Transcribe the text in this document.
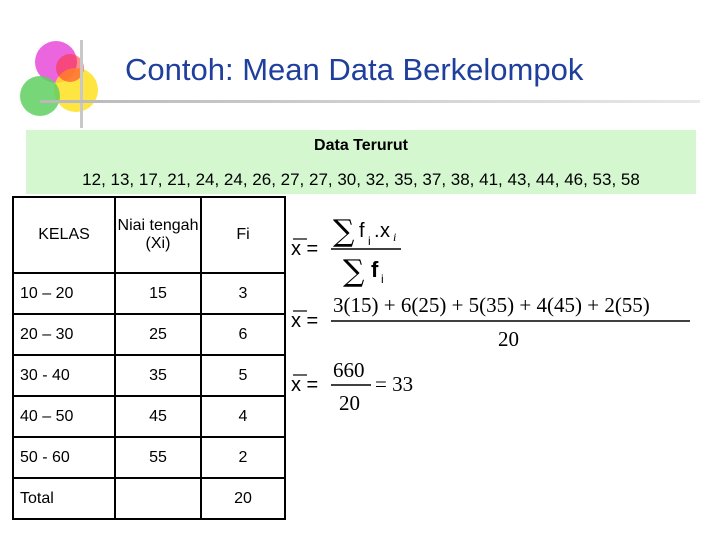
Contoh: Mean Data Berkelompok
Data Terurut
12, 13, 17, 21, 24, 24, 26, 27, 27, 30, 32, 35, 37, 38, 41, 43, 44, 46, 53, 58
KELAS	Niai tengah (Xi)	Fi
10 – 20	15	3
20 – 30	25	6
30 - 40	35	5
40 – 50	45	4
50 - 60	55	2
Total		20
x = ∑ f i . x i
∑ f i
x =
3(15) + 6(25) + 5(35) + 4(45) + 2(55)
20
x =
660
20
= 33
